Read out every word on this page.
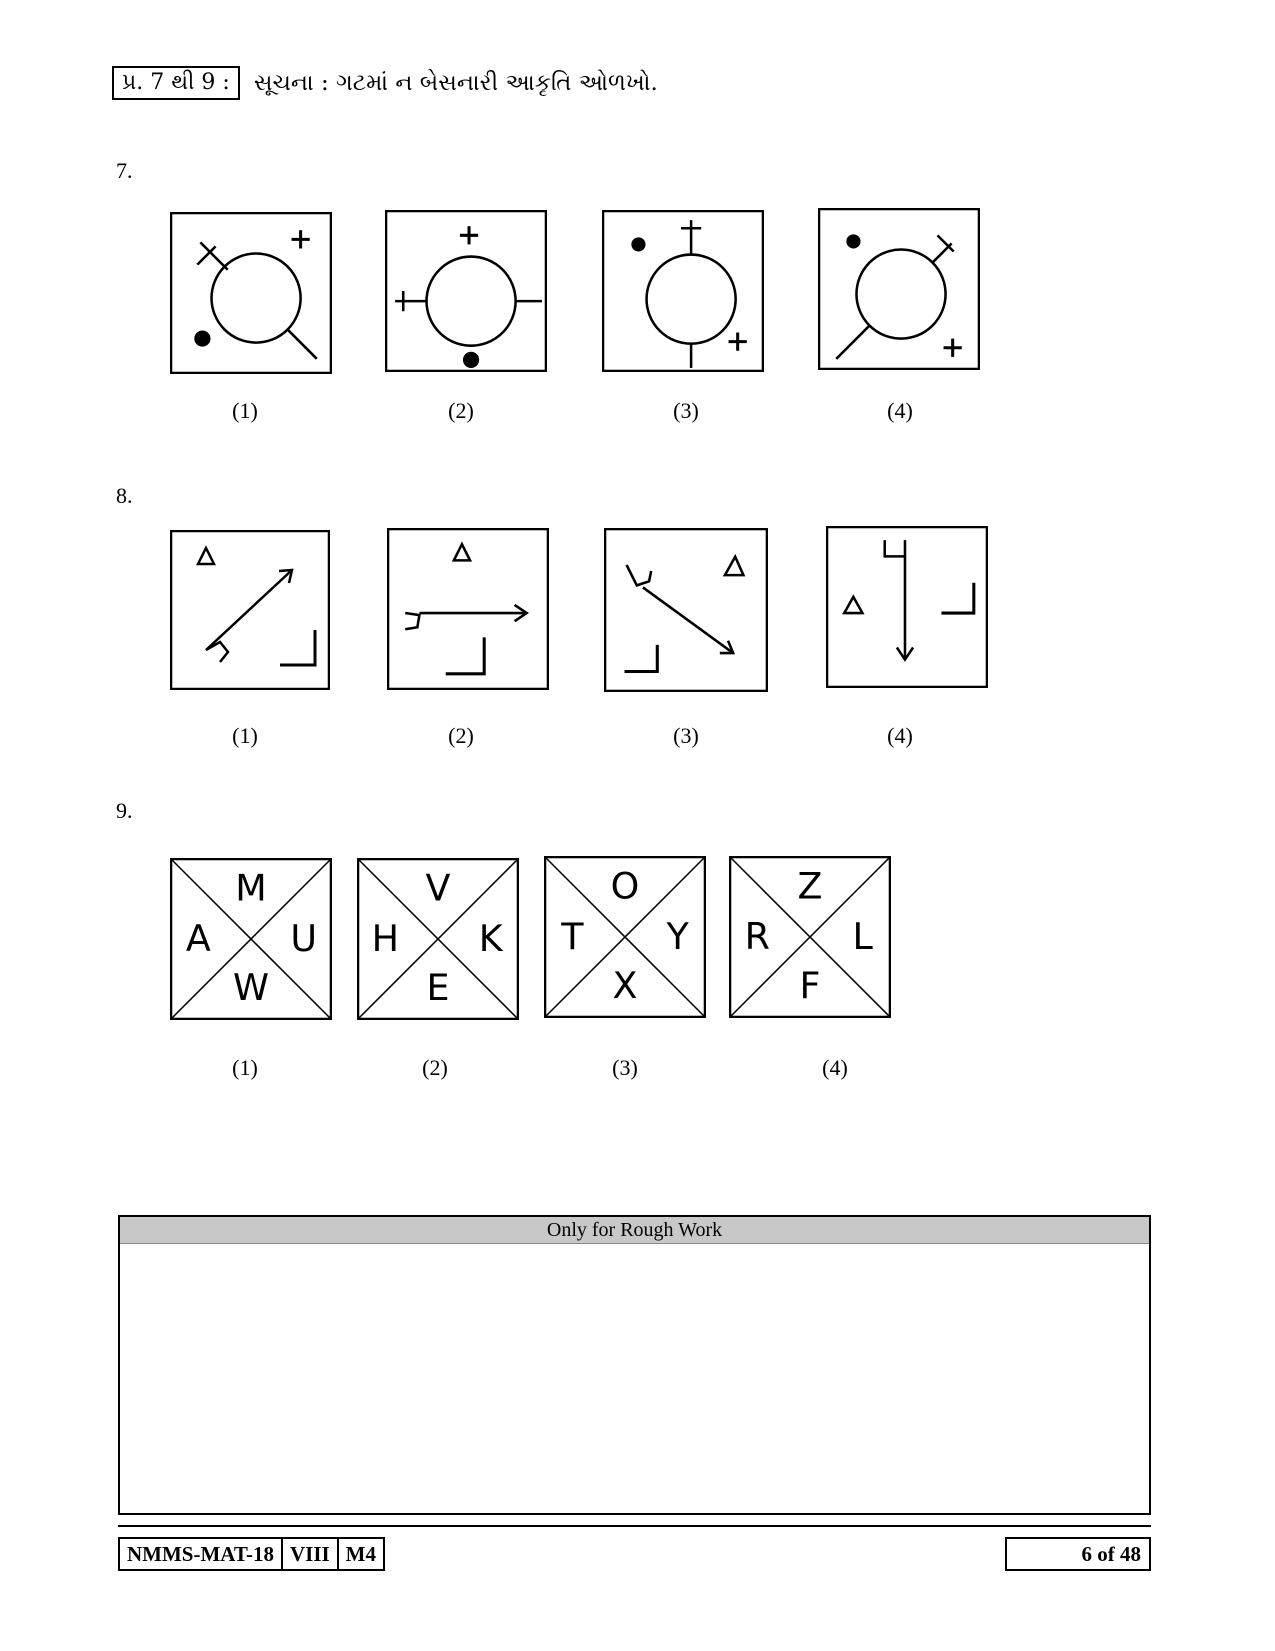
પ્ર. 7 થી 9 :	સૂચના : ગટમાં ન બેસનારી આકૃતિ ઓળખો.
7.
(1)	(2)	(3)	(4)
8.
(1)	(2)	(3)	(4)
9.
M
A U
W
V
H K
E
O
T Y
X
Z
R L
F
(1)	(2)	(3)	(4)
Only for Rough Work
NMMS-MAT-18 VIII M4	6 of 48
